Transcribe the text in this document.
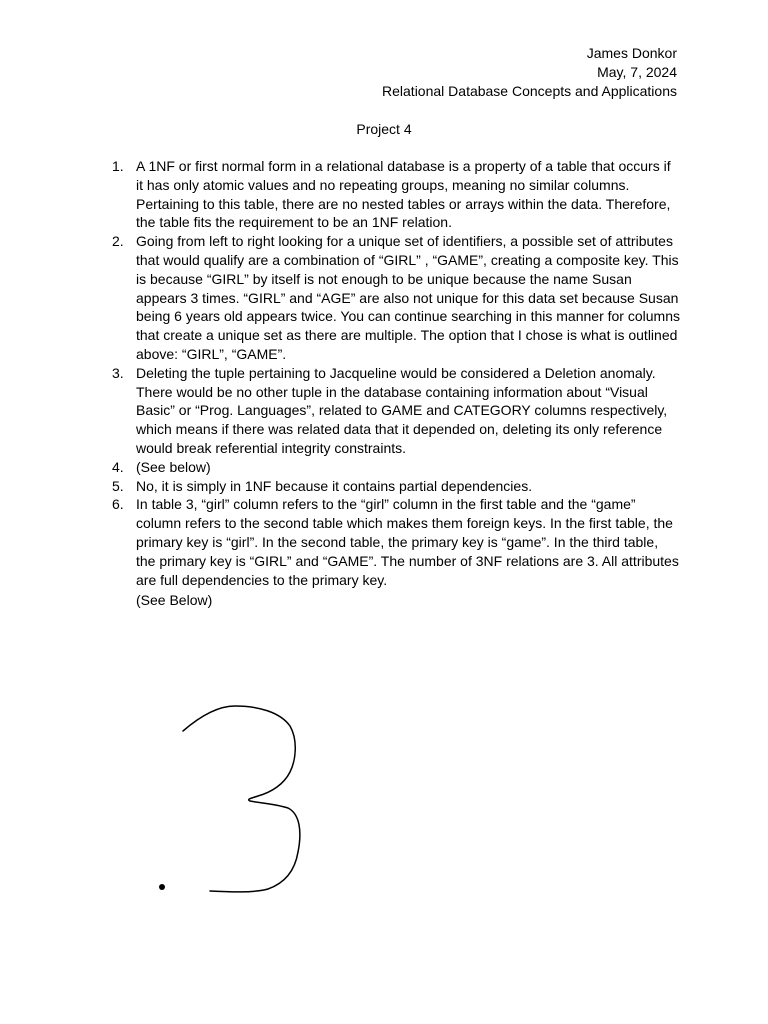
James Donkor
May, 7, 2024
Relational Database Concepts and Applications
Project 4
1. A 1NF or first normal form in a relational database is a property of a table that occurs if it has only atomic values and no repeating groups, meaning no similar columns. Pertaining to this table, there are no nested tables or arrays within the data. Therefore, the table fits the requirement to be an 1NF relation.
2. Going from left to right looking for a unique set of identifiers, a possible set of attributes that would qualify are a combination of “GIRL” , “GAME”, creating a composite key. This is because “GIRL” by itself is not enough to be unique because the name Susan appears 3 times. “GIRL” and “AGE” are also not unique for this data set because Susan being 6 years old appears twice. You can continue searching in this manner for columns that create a unique set as there are multiple. The option that I chose is what is outlined above: “GIRL”, “GAME”.
3. Deleting the tuple pertaining to Jacqueline would be considered a Deletion anomaly. There would be no other tuple in the database containing information about “Visual Basic” or “Prog. Languages”, related to GAME and CATEGORY columns respectively, which means if there was related data that it depended on, deleting its only reference would break referential integrity constraints.
4. (See below)
5. No, it is simply in 1NF because it contains partial dependencies.
6. In table 3, “girl” column refers to the “girl” column in the first table and the “game” column refers to the second table which makes them foreign keys. In the first table, the primary key is “girl”. In the second table, the primary key is “game”. In the third table, the primary key is “GIRL” and “GAME”. The number of 3NF relations are 3. All attributes are full dependencies to the primary key.
(See Below)
